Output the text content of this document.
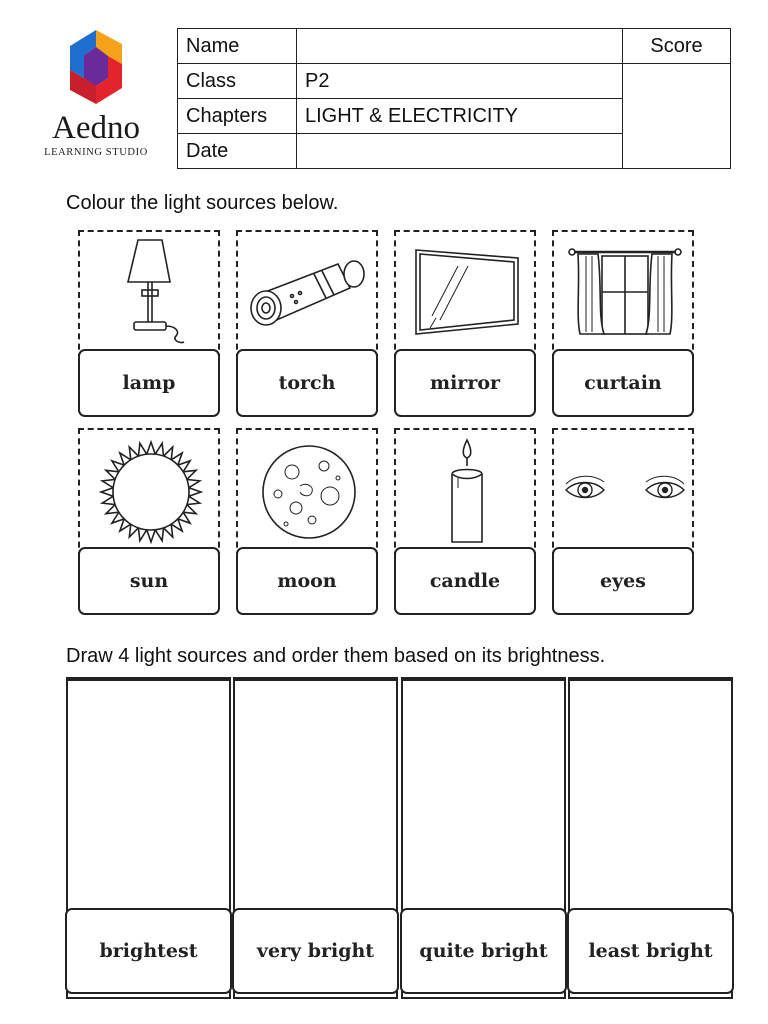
Aedno
LEARNING STUDIO
Name		Score
Class	P2	
Chapters	LIGHT & ELECTRICITY	
Date		
Colour the light sources below.
lamp	torch	mirror	curtain
sun	moon	candle	eyes
Draw 4 light sources and order them based on its brightness.
brightest	very bright	quite bright	least bright
